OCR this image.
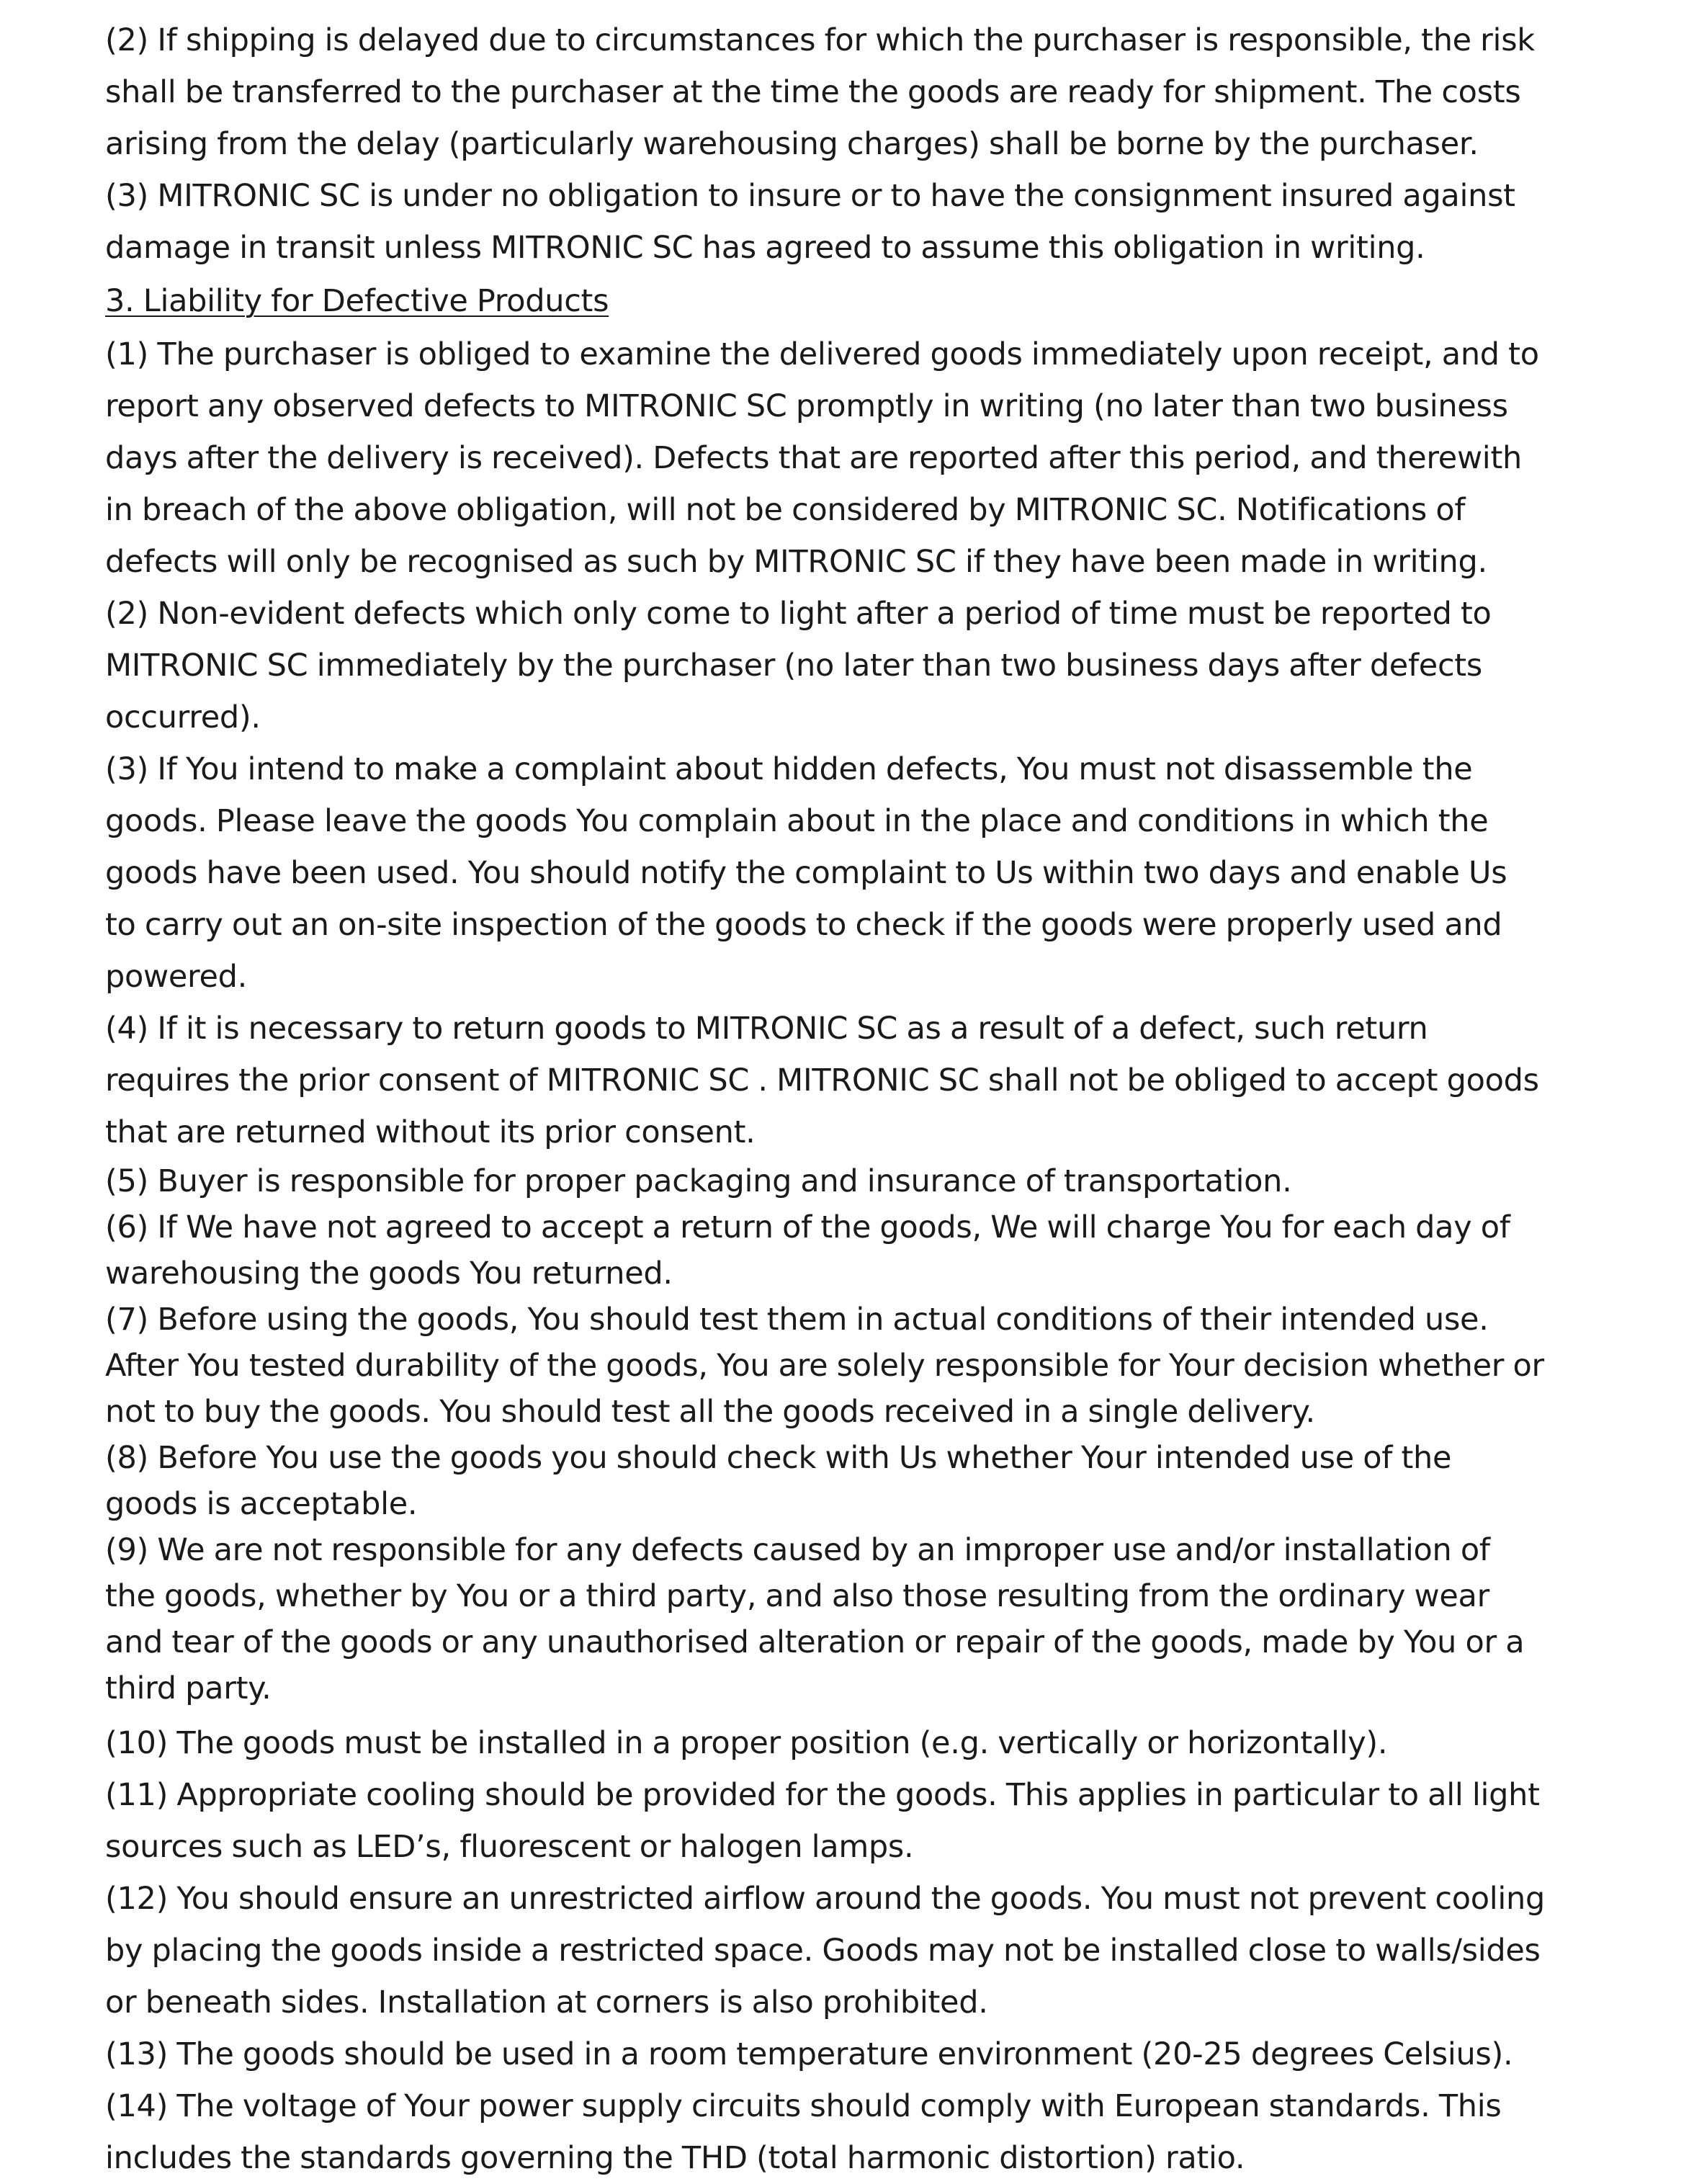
(2) If shipping is delayed due to circumstances for which the purchaser is responsible, the risk shall be transferred to the purchaser at the time the goods are ready for shipment. The costs arising from the delay (particularly warehousing charges) shall be borne by the purchaser.

(3) MITRONIC SC is under no obligation to insure or to have the consignment insured against damage in transit unless MITRONIC SC has agreed to assume this obligation in writing.

3. Liability for Defective Products

(1) The purchaser is obliged to examine the delivered goods immediately upon receipt, and to report any observed defects to MITRONIC SC promptly in writing (no later than two business days after the delivery is received). Defects that are reported after this period, and therewith in breach of the above obligation, will not be considered by MITRONIC SC. Notifications of defects will only be recognised as such by MITRONIC SC if they have been made in writing.

(2) Non-evident defects which only come to light after a period of time must be reported to MITRONIC SC immediately by the purchaser (no later than two business days after defects occurred).

(3) If You intend to make a complaint about hidden defects, You must not disassemble the goods. Please leave the goods You complain about in the place and conditions in which the goods have been used. You should notify the complaint to Us within two days and enable Us to carry out an on-site inspection of the goods to check if the goods were properly used and powered.

(4) If it is necessary to return goods to MITRONIC SC as a result of a defect, such return requires the prior consent of MITRONIC SC . MITRONIC SC shall not be obliged to accept goods that are returned without its prior consent.

(5) Buyer is responsible for proper packaging and insurance of transportation.

(6) If We have not agreed to accept a return of the goods, We will charge You for each day of warehousing the goods You returned.

(7) Before using the goods, You should test them in actual conditions of their intended use. After You tested durability of the goods, You are solely responsible for Your decision whether or not to buy the goods. You should test all the goods received in a single delivery.

(8) Before You use the goods you should check with Us whether Your intended use of the goods is acceptable.

(9) We are not responsible for any defects caused by an improper use and/or installation of the goods, whether by You or a third party, and also those resulting from the ordinary wear and tear of the goods or any unauthorised alteration or repair of the goods, made by You or a third party.

(10) The goods must be installed in a proper position (e.g. vertically or horizontally).

(11) Appropriate cooling should be provided for the goods. This applies in particular to all light sources such as LED’s, fluorescent or halogen lamps.

(12) You should ensure an unrestricted airflow around the goods. You must not prevent cooling by placing the goods inside a restricted space. Goods may not be installed close to walls/sides or beneath sides. Installation at corners is also prohibited.

(13) The goods should be used in a room temperature environment (20-25 degrees Celsius).

(14) The voltage of Your power supply circuits should comply with European standards. This includes the standards governing the THD (total harmonic distortion) ratio.
